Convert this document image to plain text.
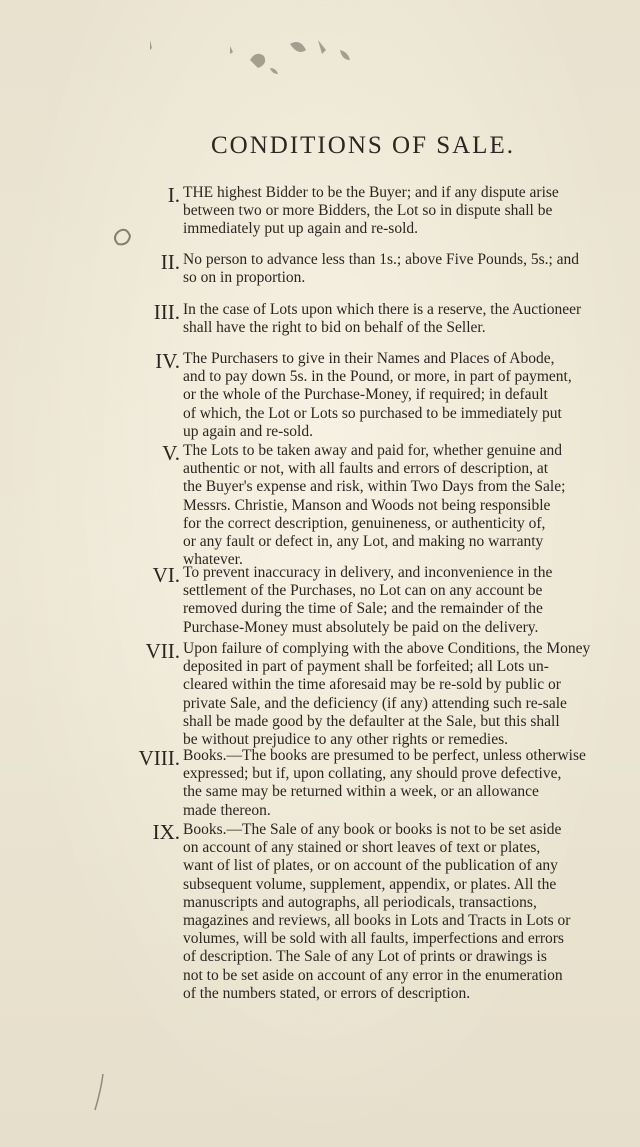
CONDITIONS OF SALE.
I. THE highest Bidder to be the Buyer; and if any dispute arise
between two or more Bidders, the Lot so in dispute shall be
immediately put up again and re-sold.
II. No person to advance less than 1s.; above Five Pounds, 5s.; and
so on in proportion.
III. In the case of Lots upon which there is a reserve, the Auctioneer
shall have the right to bid on behalf of the Seller.
IV. The Purchasers to give in their Names and Places of Abode,
and to pay down 5s. in the Pound, or more, in part of payment,
or the whole of the Purchase-Money, if required; in default
of which, the Lot or Lots so purchased to be immediately put
up again and re-sold.
V. The Lots to be taken away and paid for, whether genuine and
authentic or not, with all faults and errors of description, at
the Buyer's expense and risk, within Two Days from the Sale;
Messrs. Christie, Manson and Woods not being responsible
for the correct description, genuineness, or authenticity of,
or any fault or defect in, any Lot, and making no warranty
whatever.
VI. To prevent inaccuracy in delivery, and inconvenience in the
settlement of the Purchases, no Lot can on any account be
removed during the time of Sale; and the remainder of the
Purchase-Money must absolutely be paid on the delivery.
VII. Upon failure of complying with the above Conditions, the Money
deposited in part of payment shall be forfeited; all Lots un-
cleared within the time aforesaid may be re-sold by public or
private Sale, and the deficiency (if any) attending such re-sale
shall be made good by the defaulter at the Sale, but this shall
be without prejudice to any other rights or remedies.
VIII. Books.—The books are presumed to be perfect, unless otherwise
expressed; but if, upon collating, any should prove defective,
the same may be returned within a week, or an allowance
made thereon.
IX. Books.—The Sale of any book or books is not to be set aside
on account of any stained or short leaves of text or plates,
want of list of plates, or on account of the publication of any
subsequent volume, supplement, appendix, or plates. All the
manuscripts and autographs, all periodicals, transactions,
magazines and reviews, all books in Lots and Tracts in Lots or
volumes, will be sold with all faults, imperfections and errors
of description. The Sale of any Lot of prints or drawings is
not to be set aside on account of any error in the enumeration
of the numbers stated, or errors of description.
